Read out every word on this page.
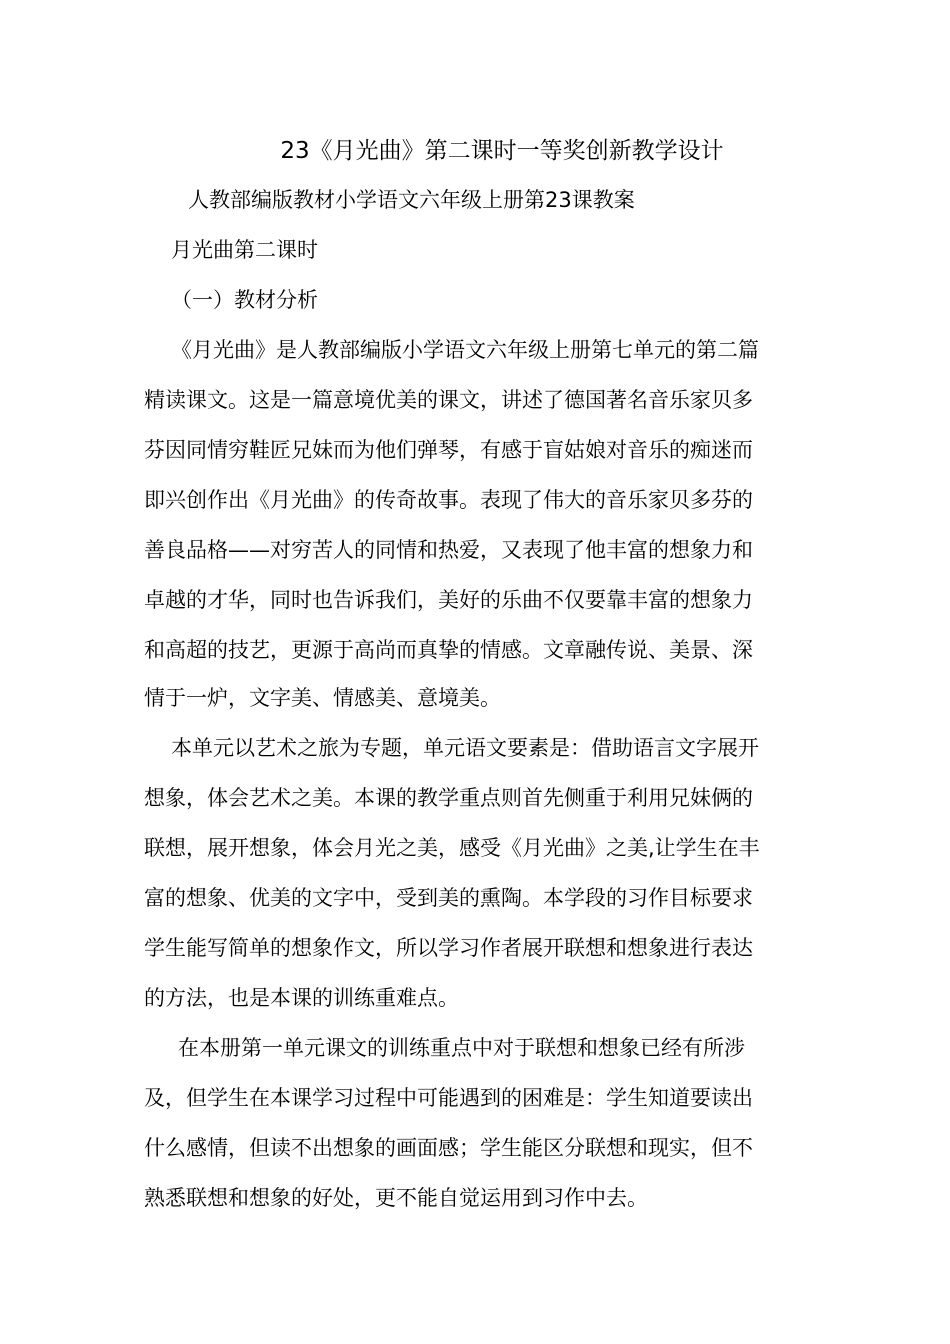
23《月光曲》第二课时一等奖创新教学设计
人教部编版教材小学语文六年级上册第23课教案
月光曲第二课时
（一）教材分析
《月光曲》是人教部编版小学语文六年级上册第七单元的第二篇
精读课文。这是一篇意境优美的课文，讲述了德国著名音乐家贝多
芬因同情穷鞋匠兄妹而为他们弹琴，有感于盲姑娘对音乐的痴迷而
即兴创作出《月光曲》的传奇故事。表现了伟大的音乐家贝多芬的
善良品格——对穷苦人的同情和热爱，又表现了他丰富的想象力和
卓越的才华，同时也告诉我们，美好的乐曲不仅要靠丰富的想象力
和高超的技艺，更源于高尚而真挚的情感。文章融传说、美景、深
情于一炉，文字美、情感美、意境美。
本单元以艺术之旅为专题，单元语文要素是：借助语言文字展开
想象，体会艺术之美。本课的教学重点则首先侧重于利用兄妹俩的
联想，展开想象，体会月光之美，感受《月光曲》之美,让学生在丰
富的想象、优美的文字中，受到美的熏陶。本学段的习作目标要求
学生能写简单的想象作文，所以学习作者展开联想和想象进行表达
的方法，也是本课的训练重难点。
在本册第一单元课文的训练重点中对于联想和想象已经有所涉
及，但学生在本课学习过程中可能遇到的困难是：学生知道要读出
什么感情，但读不出想象的画面感；学生能区分联想和现实，但不
熟悉联想和想象的好处，更不能自觉运用到习作中去。
